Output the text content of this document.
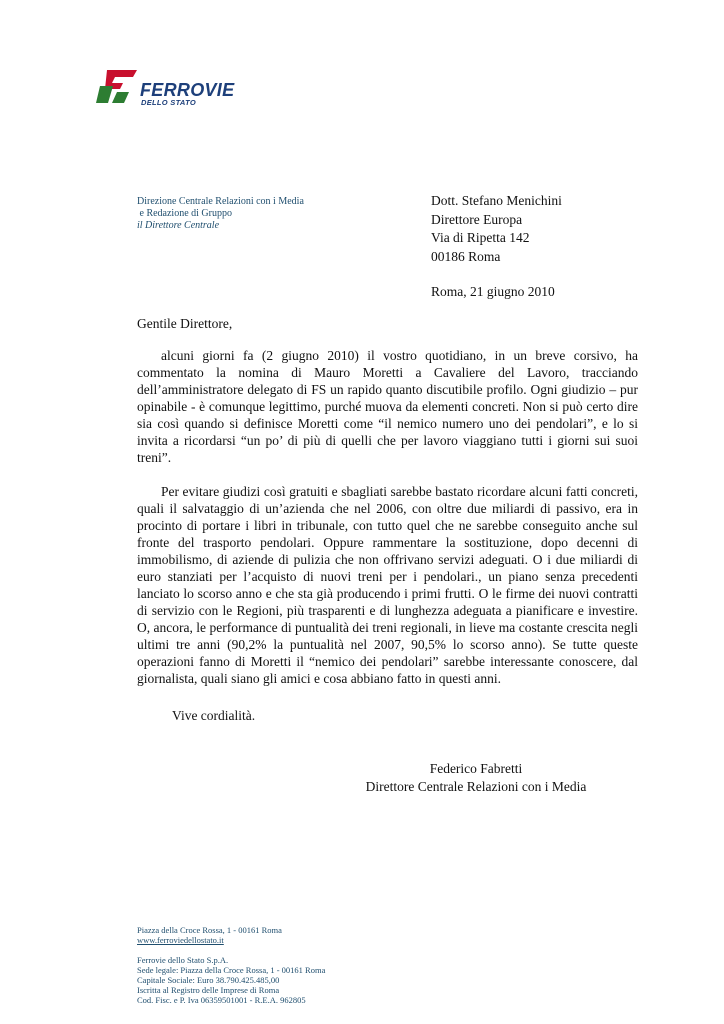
FERROVIE
DELLO STATO
Direzione Centrale Relazioni con i Media
e Redazione di Gruppo
il Direttore Centrale
Dott. Stefano Menichini
Direttore Europa
Via di Ripetta 142
00186 Roma
Roma, 21 giugno 2010
Gentile Direttore,

alcuni giorni fa (2 giugno 2010) il vostro quotidiano, in un breve corsivo, ha commentato la nomina di Mauro Moretti a Cavaliere del Lavoro, tracciando dell’amministratore delegato di FS un rapido quanto discutibile profilo. Ogni giudizio – pur opinabile - è comunque legittimo, purché muova da elementi concreti. Non si può certo dire sia così quando si definisce Moretti come “il nemico numero uno dei pendolari”, e lo si invita a ricordarsi “un po’ di più di quelli che per lavoro viaggiano tutti i giorni sui suoi treni”.

Per evitare giudizi così gratuiti e sbagliati sarebbe bastato ricordare alcuni fatti concreti, quali il salvataggio di un’azienda che nel 2006, con oltre due miliardi di passivo, era in procinto di portare i libri in tribunale, con tutto quel che ne sarebbe conseguito anche sul fronte del trasporto pendolari. Oppure rammentare la sostituzione, dopo decenni di immobilismo, di aziende di pulizia che non offrivano servizi adeguati. O i due miliardi di euro stanziati per l’acquisto di nuovi treni per i pendolari., un piano senza precedenti lanciato lo scorso anno e che sta già producendo i primi frutti. O le firme dei nuovi contratti di servizio con le Regioni, più trasparenti e di lunghezza adeguata a pianificare e investire. O, ancora, le performance di puntualità dei treni regionali, in lieve ma costante crescita negli ultimi tre anni (90,2% la puntualità nel 2007, 90,5% lo scorso anno). Se tutte queste operazioni fanno di Moretti il “nemico dei pendolari” sarebbe interessante conoscere, dal giornalista, quali siano gli amici e cosa abbiano fatto in questi anni.

Vive cordialità.
Federico Fabretti
Direttore Centrale Relazioni con i Media
Piazza della Croce Rossa, 1 - 00161 Roma
www.ferroviedellostato.it
Ferrovie dello Stato S.p.A.
Sede legale: Piazza della Croce Rossa, 1 - 00161 Roma
Capitale Sociale: Euro 38.790.425.485,00
Iscritta al Registro delle Imprese di Roma
Cod. Fisc. e P. Iva 06359501001 - R.E.A. 962805
